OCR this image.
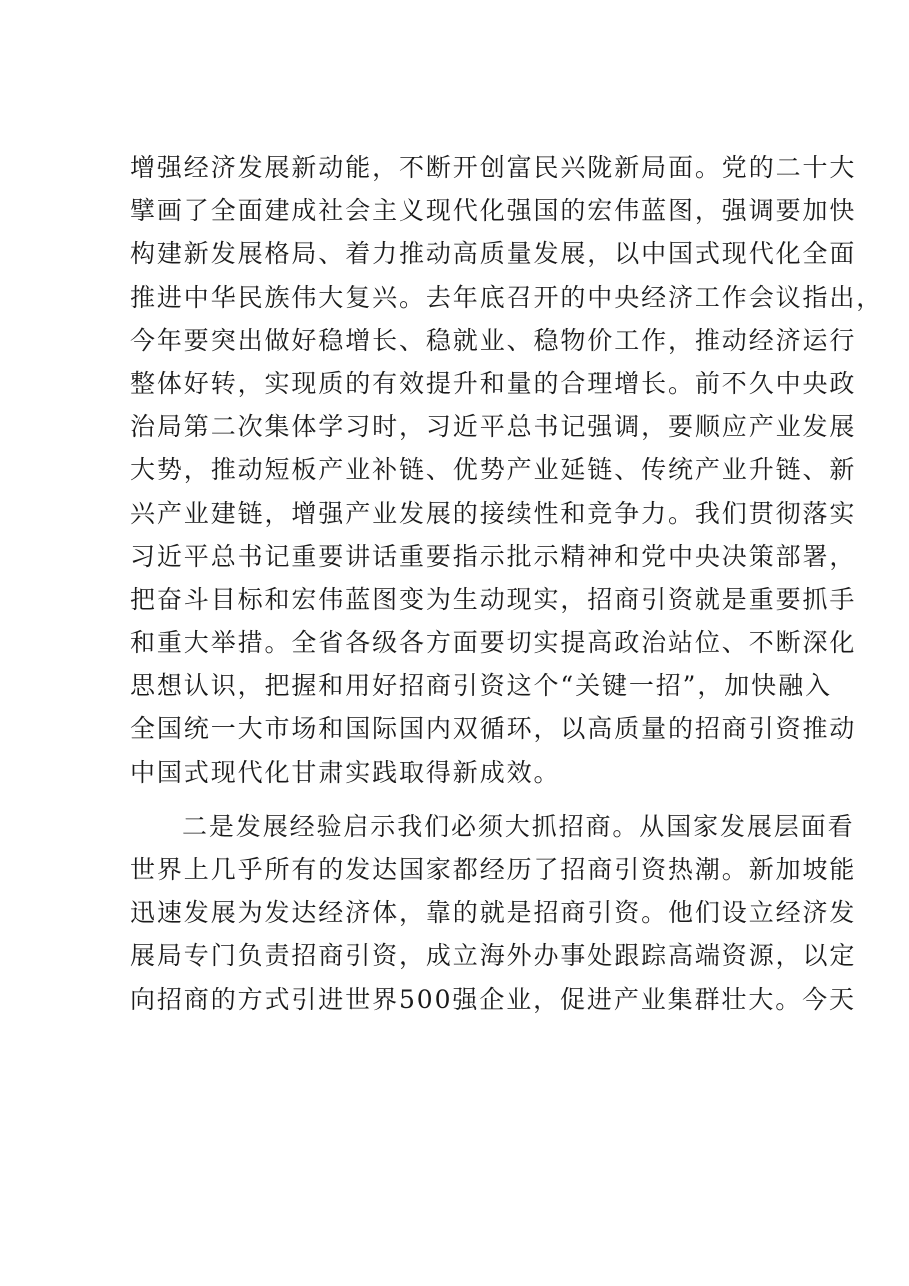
增强经济发展新动能，不断开创富民兴陇新局面。党的二十大
擘画了全面建成社会主义现代化强国的宏伟蓝图，强调要加快
构建新发展格局、着力推动高质量发展，以中国式现代化全面
推进中华民族伟大复兴。去年底召开的中央经济工作会议指出，
今年要突出做好稳增长、稳就业、稳物价工作，推动经济运行
整体好转，实现质的有效提升和量的合理增长。前不久中央政
治局第二次集体学习时，习近平总书记强调，要顺应产业发展
大势，推动短板产业补链、优势产业延链、传统产业升链、新
兴产业建链，增强产业发展的接续性和竞争力。我们贯彻落实
习近平总书记重要讲话重要指示批示精神和党中央决策部署，
把奋斗目标和宏伟蓝图变为生动现实，招商引资就是重要抓手
和重大举措。全省各级各方面要切实提高政治站位、不断深化
思想认识，把握和用好招商引资这个“关键一招”，加快融入
全国统一大市场和国际国内双循环，以高质量的招商引资推动
中国式现代化甘肃实践取得新成效。
二是发展经验启示我们必须大抓招商。从国家发展层面看
世界上几乎所有的发达国家都经历了招商引资热潮。新加坡能
迅速发展为发达经济体，靠的就是招商引资。他们设立经济发
展局专门负责招商引资，成立海外办事处跟踪高端资源，以定
向招商的方式引进世界500强企业，促进产业集群壮大。今天
